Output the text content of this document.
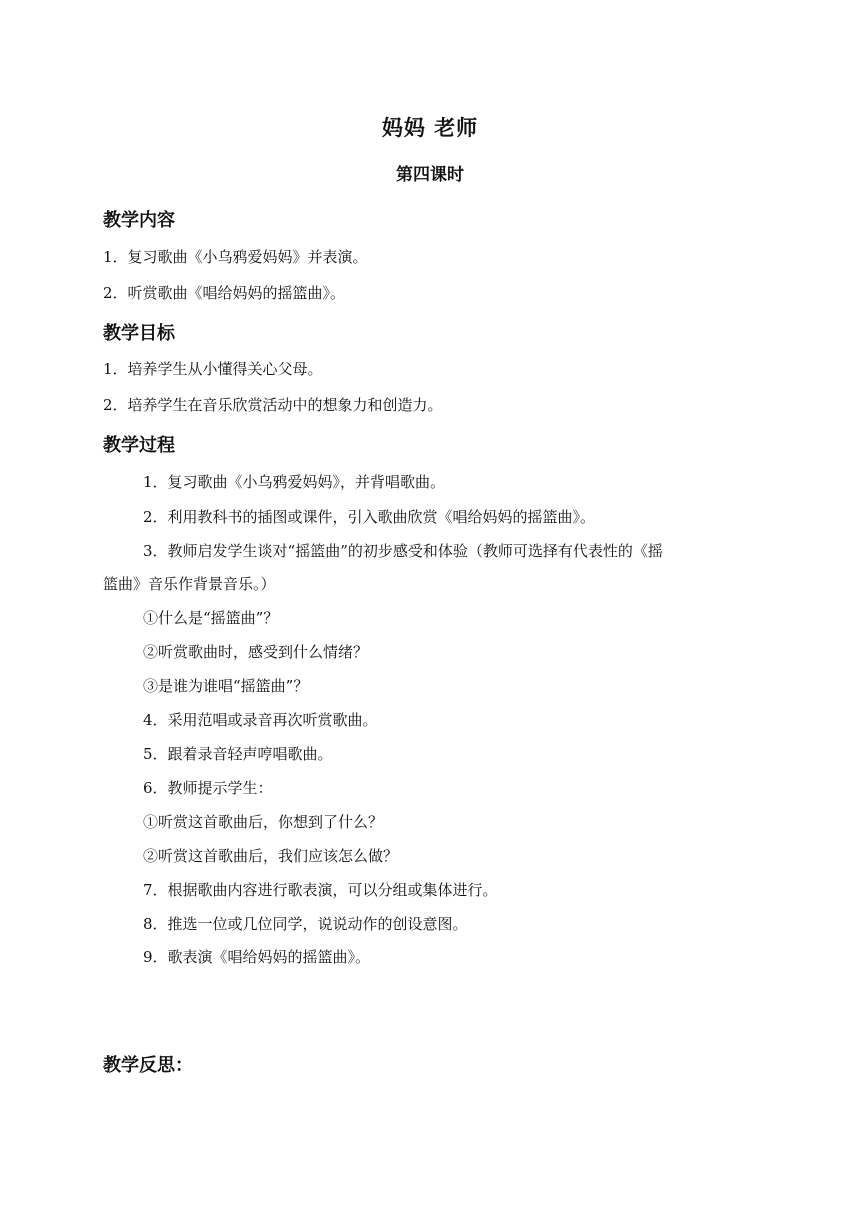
妈妈 老师
第四课时
教学内容
1．复习歌曲《小乌鸦爱妈妈》并表演。
2．听赏歌曲《唱给妈妈的摇篮曲》。
教学目标
1．培养学生从小懂得关心父母。
2．培养学生在音乐欣赏活动中的想象力和创造力。
教学过程
1．复习歌曲《小乌鸦爱妈妈》，并背唱歌曲。
2．利用教科书的插图或课件，引入歌曲欣赏《唱给妈妈的摇篮曲》。
3．教师启发学生谈对“摇篮曲”的初步感受和体验（教师可选择有代表性的《摇
篮曲》音乐作背景音乐。）
①什么是“摇篮曲”？
②听赏歌曲时，感受到什么情绪？
③是谁为谁唱“摇篮曲”？
4．采用范唱或录音再次听赏歌曲。
5．跟着录音轻声哼唱歌曲。
6．教师提示学生：
①听赏这首歌曲后，你想到了什么？
②听赏这首歌曲后，我们应该怎么做？
7．根据歌曲内容进行歌表演，可以分组或集体进行。
8．推选一位或几位同学，说说动作的创设意图。
9．歌表演《唱给妈妈的摇篮曲》。
教学反思：
